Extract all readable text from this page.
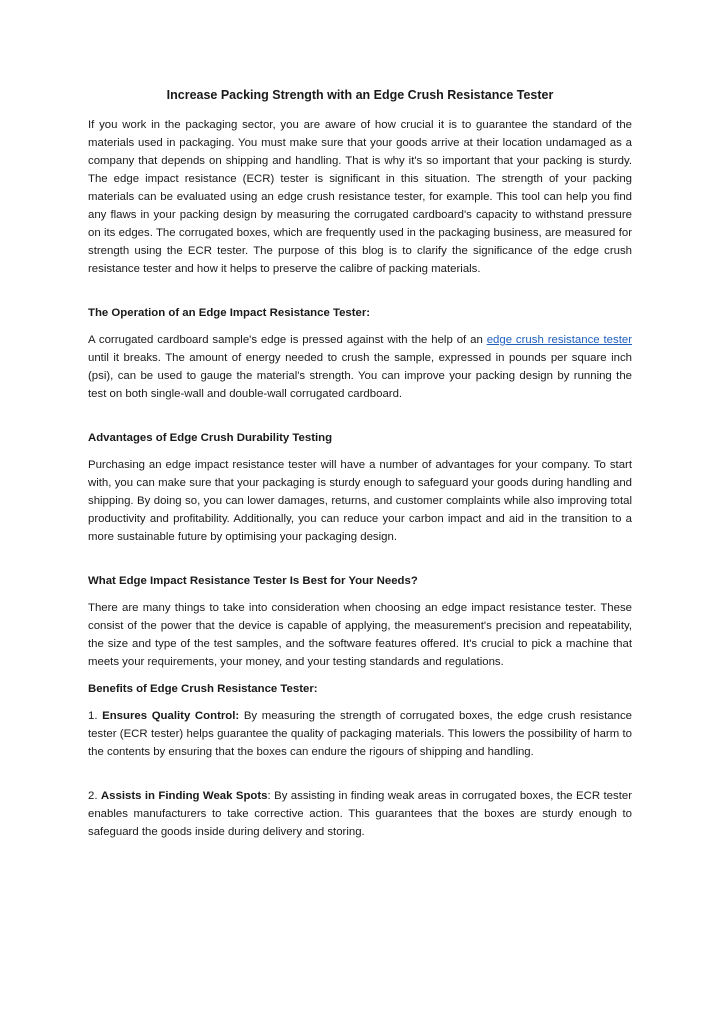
Increase Packing Strength with an Edge Crush Resistance Tester

If you work in the packaging sector, you are aware of how crucial it is to guarantee the standard of the materials used in packaging. You must make sure that your goods arrive at their location undamaged as a company that depends on shipping and handling. That is why it's so important that your packing is sturdy. The edge impact resistance (ECR) tester is significant in this situation. The strength of your packing materials can be evaluated using an edge crush resistance tester, for example. This tool can help you find any flaws in your packing design by measuring the corrugated cardboard's capacity to withstand pressure on its edges. The corrugated boxes, which are frequently used in the packaging business, are measured for strength using the ECR tester. The purpose of this blog is to clarify the significance of the edge crush resistance tester and how it helps to preserve the calibre of packing materials.

The Operation of an Edge Impact Resistance Tester:

A corrugated cardboard sample's edge is pressed against with the help of an edge crush resistance tester until it breaks. The amount of energy needed to crush the sample, expressed in pounds per square inch (psi), can be used to gauge the material's strength. You can improve your packing design by running the test on both single-wall and double-wall corrugated cardboard.

Advantages of Edge Crush Durability Testing

Purchasing an edge impact resistance tester will have a number of advantages for your company. To start with, you can make sure that your packaging is sturdy enough to safeguard your goods during handling and shipping. By doing so, you can lower damages, returns, and customer complaints while also improving total productivity and profitability. Additionally, you can reduce your carbon impact and aid in the transition to a more sustainable future by optimising your packaging design.

What Edge Impact Resistance Tester Is Best for Your Needs?

There are many things to take into consideration when choosing an edge impact resistance tester. These consist of the power that the device is capable of applying, the measurement's precision and repeatability, the size and type of the test samples, and the software features offered. It's crucial to pick a machine that meets your requirements, your money, and your testing standards and regulations.

Benefits of Edge Crush Resistance Tester:

1. Ensures Quality Control: By measuring the strength of corrugated boxes, the edge crush resistance tester (ECR tester) helps guarantee the quality of packaging materials. This lowers the possibility of harm to the contents by ensuring that the boxes can endure the rigours of shipping and handling.

2. Assists in Finding Weak Spots: By assisting in finding weak areas in corrugated boxes, the ECR tester enables manufacturers to take corrective action. This guarantees that the boxes are sturdy enough to safeguard the goods inside during delivery and storing.
